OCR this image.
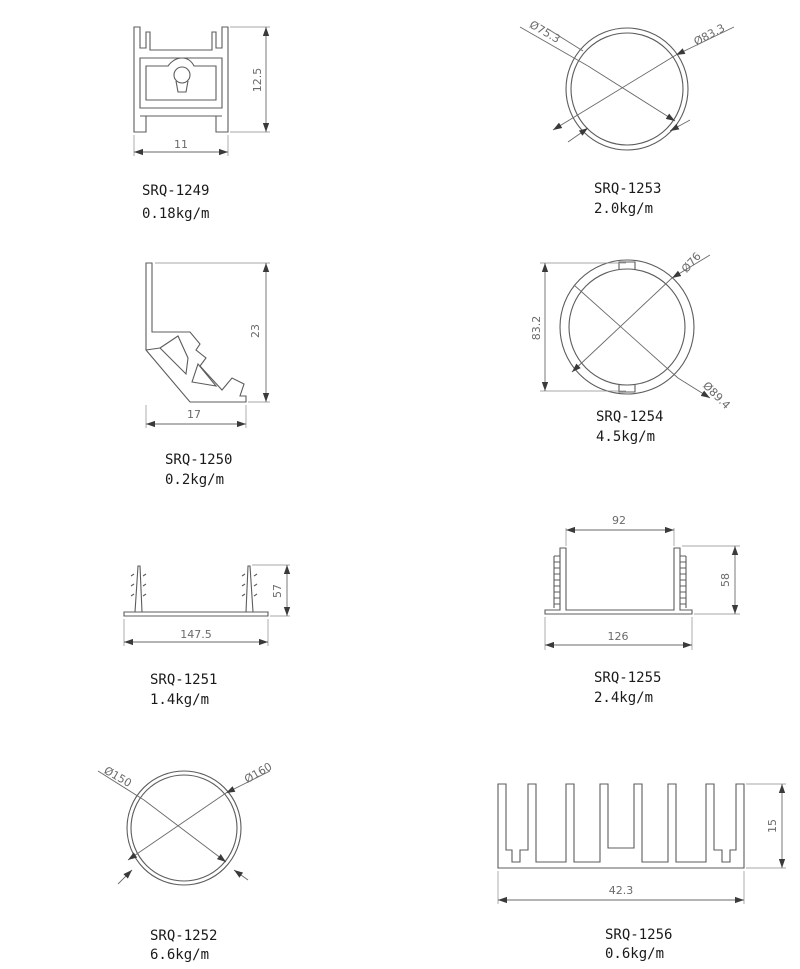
11
12.5
SRQ-1249
0.18kg/m
Ø75.3	Ø83.3
SRQ-1253
2.0kg/m
17
23
SRQ-1250
0.2kg/m
83.2
Ø76
Ø89.4
SRQ-1254
4.5kg/m
147.5
57
SRQ-1251
1.4kg/m
92
126
58
SRQ-1255
2.4kg/m
Ø150	Ø160
SRQ-1252
6.6kg/m
42.3
15
SRQ-1256
0.6kg/m
